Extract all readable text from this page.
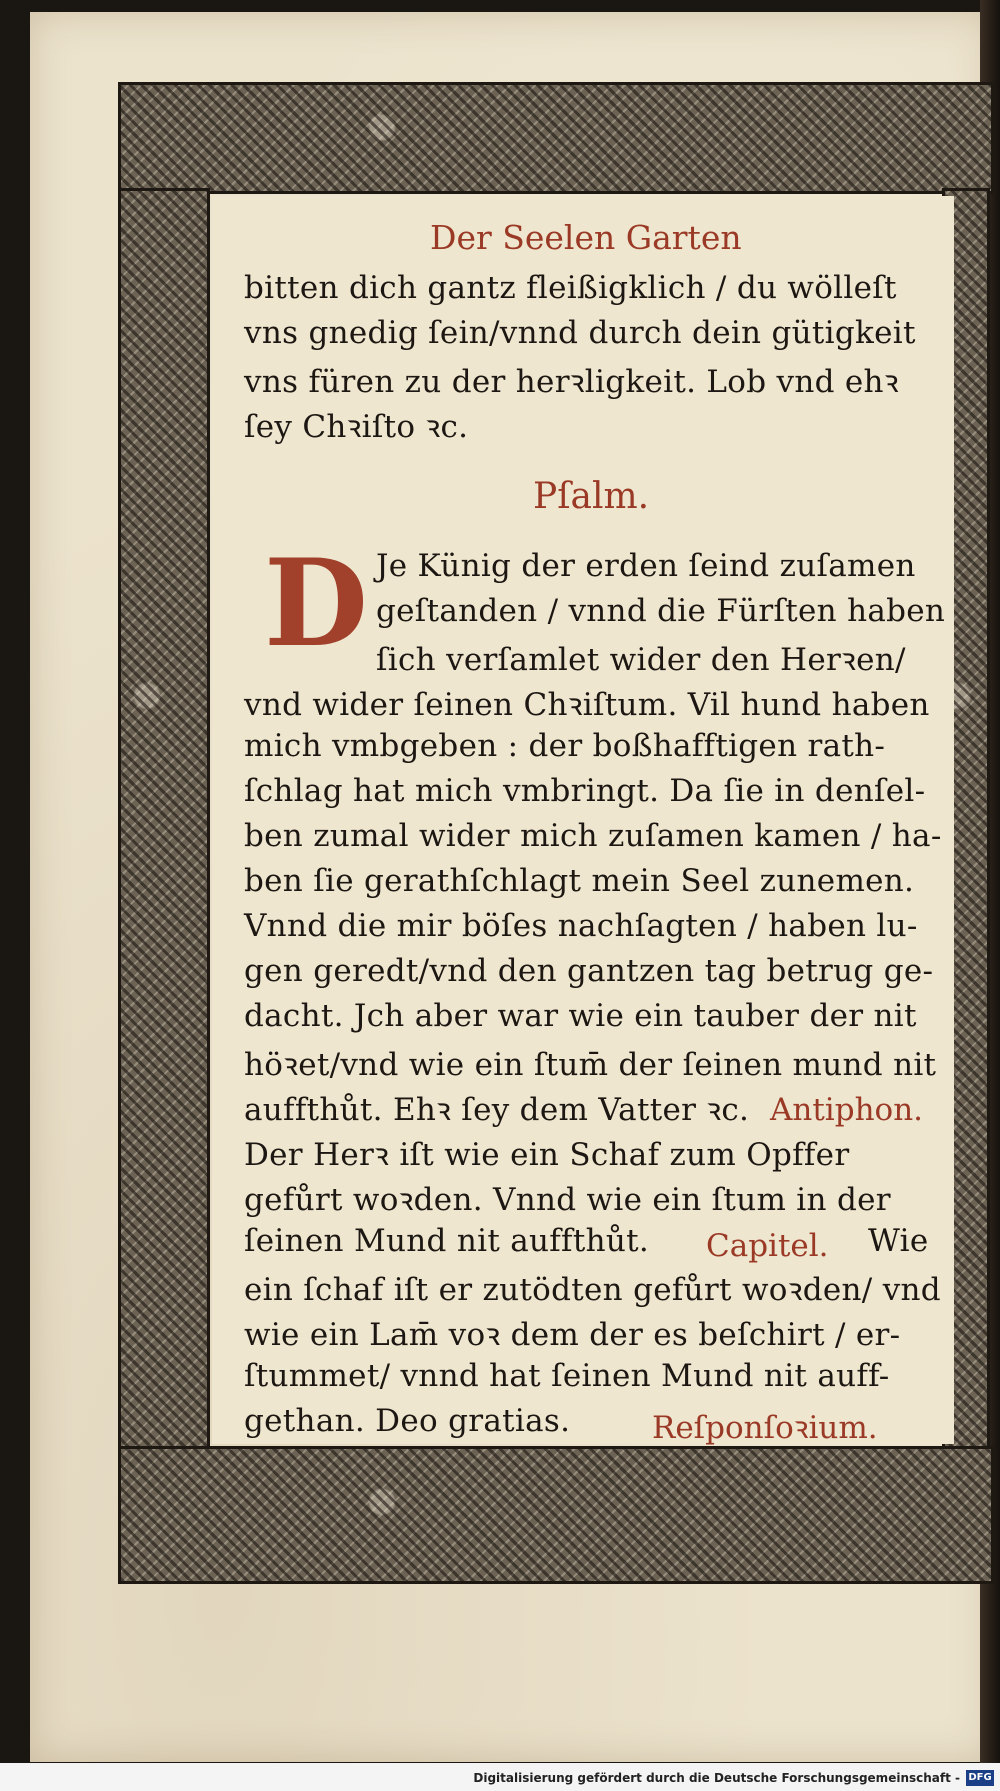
Der Seelen Garten
bitten dich gantz fleißigklich / du wölleſt
vns gnedig ſein/vnnd durch dein gütigkeit
vns füren zu der herꝛligkeit. Lob vnd ehꝛ
ſey Chꝛiſto ꝛc.
Pſalm.
D Je Künig der erden ſeind zuſamen
geſtanden / vnnd die Fürſten haben
ſich verſamlet wider den Herꝛen/
vnd wider ſeinen Chꝛiſtum. Vil hund haben
mich vmbgeben : der boßhafftigen rath-
ſchlag hat mich vmbringt. Da ſie in denſel-
ben zumal wider mich zuſamen kamen / ha-
ben ſie gerathſchlagt mein Seel zunemen.
Vnnd die mir böſes nachſagten / haben lu-
gen geredt/vnd den gantzen tag betrug ge-
dacht. Jch aber war wie ein tauber der nit
höꝛet/vnd wie ein ſtum̄ der ſeinen mund nit
auffthůt. Ehꝛ ſey dem Vatter ꝛc. Antiphon.
Der Herꝛ iſt wie ein Schaf zum Opffer
gefůrt woꝛden. Vnnd wie ein ſtum in der
ſeinen Mund nit auffthůt. Capitel. Wie
ein ſchaf iſt er zutödten gefůrt woꝛden/ vnd
wie ein Lam̄ voꝛ dem der es beſchirt / er-
ſtummet/ vnnd hat ſeinen Mund nit auff-
gethan. Deo gratias.	Reſponſoꝛium.
Digitalisierung gefördert durch die Deutsche Forschungsgemeinschaft - DFG
